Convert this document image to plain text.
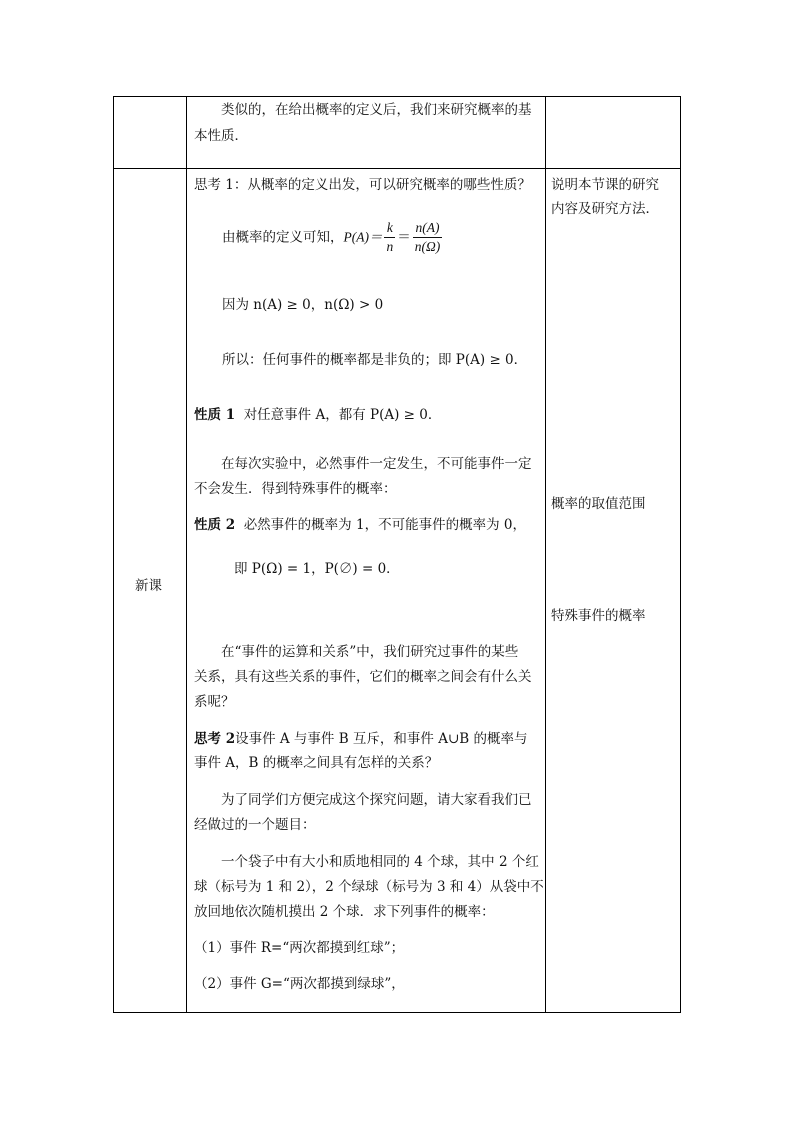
类似的，在给出概率的定义后，我们来研究概率的基
本性质．
新课
思考 1：从概率的定义出发，可以研究概率的哪些性质？
由概率的定义可知，$P(A)= \frac{k}{n} = \frac{n(A)}{n(\Omega)}$
因为 n(A) ≥ 0，n(Ω) > 0
所以：任何事件的概率都是非负的；即 P(A) ≥ 0．
性质 1 对任意事件 A，都有 P(A) ≥ 0．
在每次实验中，必然事件一定发生，不可能事件一定
不会发生．得到特殊事件的概率：
性质 2 必然事件的概率为 1，不可能事件的概率为 0，
即 P(Ω) = 1，P(∅) = 0．
在“事件的运算和关系”中，我们研究过事件的某些
关系，具有这些关系的事件，它们的概率之间会有什么关
系呢？
思考 2设事件 A 与事件 B 互斥，和事件 A∪B 的概率与
事件 A，B 的概率之间具有怎样的关系？
为了同学们方便完成这个探究问题，请大家看我们已
经做过的一个题目：
一个袋子中有大小和质地相同的 4 个球，其中 2 个红
球（标号为 1 和 2），2 个绿球（标号为 3 和 4）从袋中不
放回地依次随机摸出 2 个球．求下列事件的概率：
（1）事件 R=“两次都摸到红球”；
（2）事件 G=“两次都摸到绿球”，
说明本节课的研究
内容及研究方法．
概率的取值范围
特殊事件的概率
